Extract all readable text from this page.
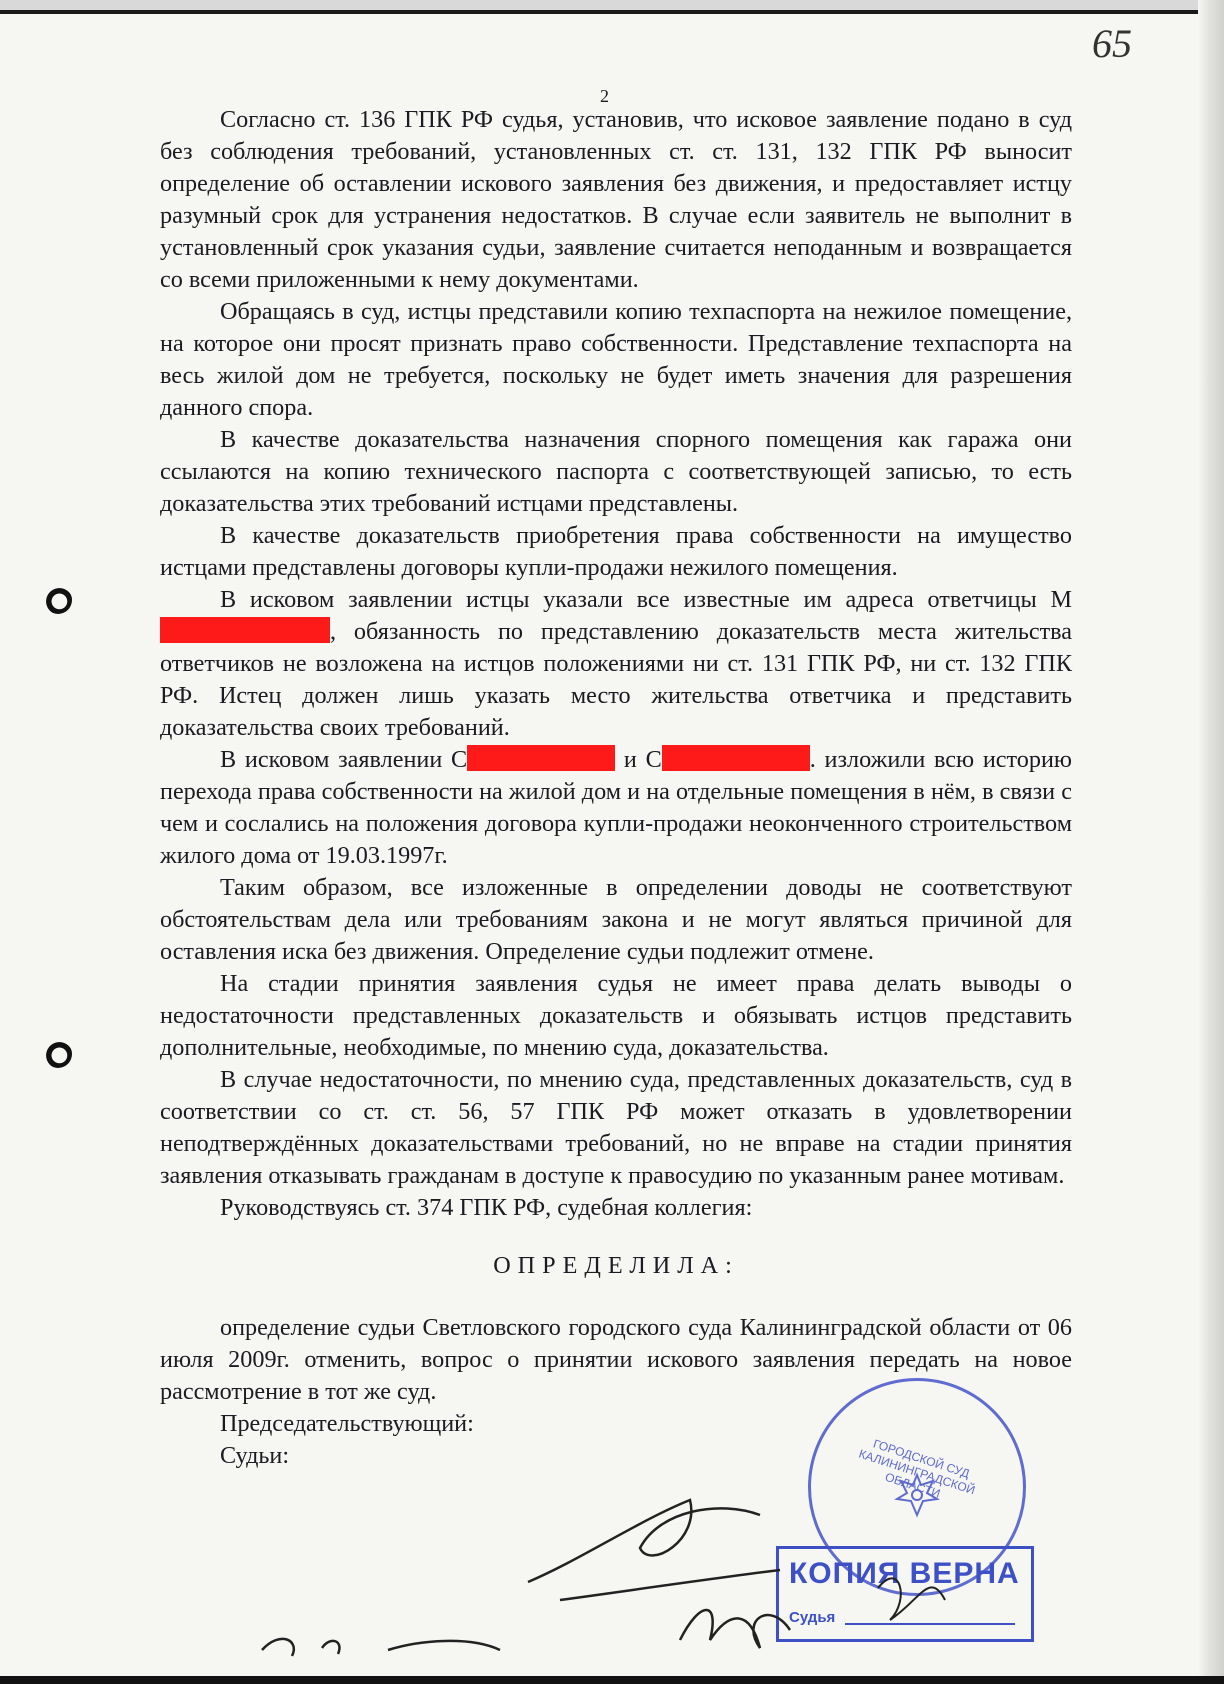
65
2

Согласно ст. 136 ГПК РФ судья, установив, что исковое заявление подано в суд без соблюдения требований, установленных ст. ст. 131, 132 ГПК РФ выносит определение об оставлении искового заявления без движения, и предоставляет истцу разумный срок для устранения недостатков. В случае если заявитель не выполнит в установленный срок указания судьи, заявление считается неподанным и возвращается со всеми приложенными к нему документами.

Обращаясь в суд, истцы представили копию техпаспорта на нежилое помещение, на которое они просят признать право собственности. Представление техпаспорта на весь жилой дом не требуется, поскольку не будет иметь значения для разрешения данного спора.

В качестве доказательства назначения спорного помещения как гаража они ссылаются на копию технического паспорта с соответствующей записью, то есть доказательства этих требований истцами представлены.

В качестве доказательств приобретения права собственности на имущество истцами представлены договоры купли-продажи нежилого помещения.

В исковом заявлении истцы указали все известные им адреса ответчицы М, обязанность по представлению доказательств места жительства ответчиков не возложена на истцов положениями ни ст. 131 ГПК РФ, ни ст. 132 ГПК РФ. Истец должен лишь указать место жительства ответчика и представить доказательства своих требований.

В исковом заявлении С	и С	. изложили всю историю перехода права собственности на жилой дом и на отдельные помещения в нём, в связи с чем и сослались на положения договора купли-продажи неоконченного строительством жилого дома от 19.03.1997г.

Таким образом, все изложенные в определении доводы не соответствуют обстоятельствам дела или требованиям закона и не могут являться причиной для оставления иска без движения. Определение судьи подлежит отмене.

На стадии принятия заявления судья не имеет права делать выводы о недостаточности представленных доказательств и обязывать истцов представить дополнительные, необходимые, по мнению суда, доказательства.

В случае недостаточности, по мнению суда, представленных доказательств, суд в соответствии со ст. ст. 56, 57 ГПК РФ может отказать в удовлетворении неподтверждённых доказательствами требований, но не вправе на стадии принятия заявления отказывать гражданам в доступе к правосудию по указанным ранее мотивам.

Руководствуясь ст. 374 ГПК РФ, судебная коллегия:

ОПРЕДЕЛИЛА:

определение судьи Светловского городского суда Калининградской области от 06 июля 2009г. отменить, вопрос о принятии искового заявления передать на новое рассмотрение в тот же суд.

Председательствующий:

Судьи:	ГОРОДСКОЙ СУД КАЛИНИНГРАДСКОЙ ОБЛАСТИ
КОПИЯ ВЕРНА
Судья
